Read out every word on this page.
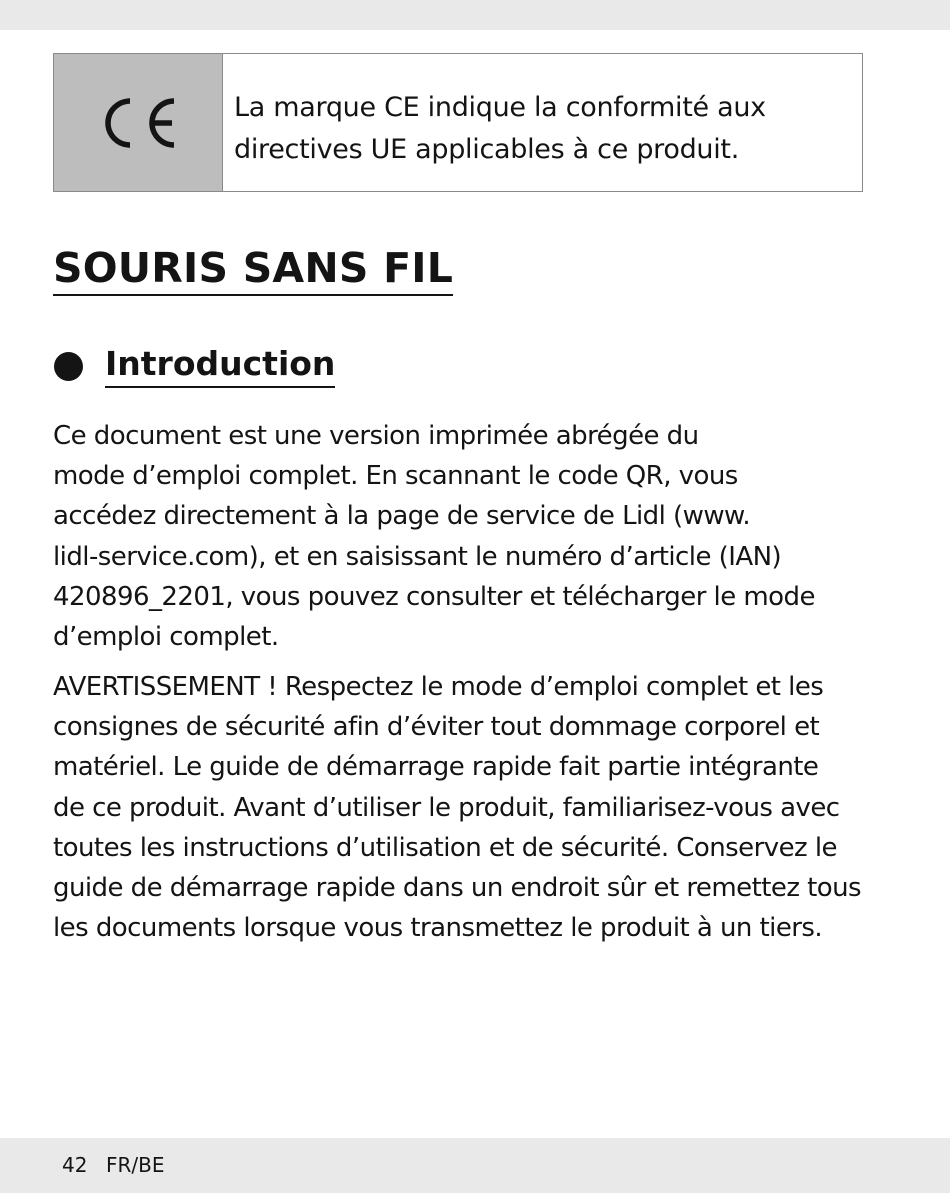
La marque CE indique la conformité aux
directives UE applicables à ce produit.
SOURIS SANS FIL
Introduction

Ce document est une version imprimée abrégée du
mode d’emploi complet. En scannant le code QR, vous
accédez directement à la page de service de Lidl (www.
lidl-service.com), et en saisissant le numéro d’article (IAN)
420896_2201, vous pouvez consulter et télécharger le mode
d’emploi complet.

AVERTISSEMENT ! Respectez le mode d’emploi complet et les
consignes de sécurité afin d’éviter tout dommage corporel et
matériel. Le guide de démarrage rapide fait partie intégrante
de ce produit. Avant d’utiliser le produit, familiarisez-vous avec
toutes les instructions d’utilisation et de sécurité. Conservez le
guide de démarrage rapide dans un endroit sûr et remettez tous
les documents lorsque vous transmettez le produit à un tiers.

42 FR/BE
